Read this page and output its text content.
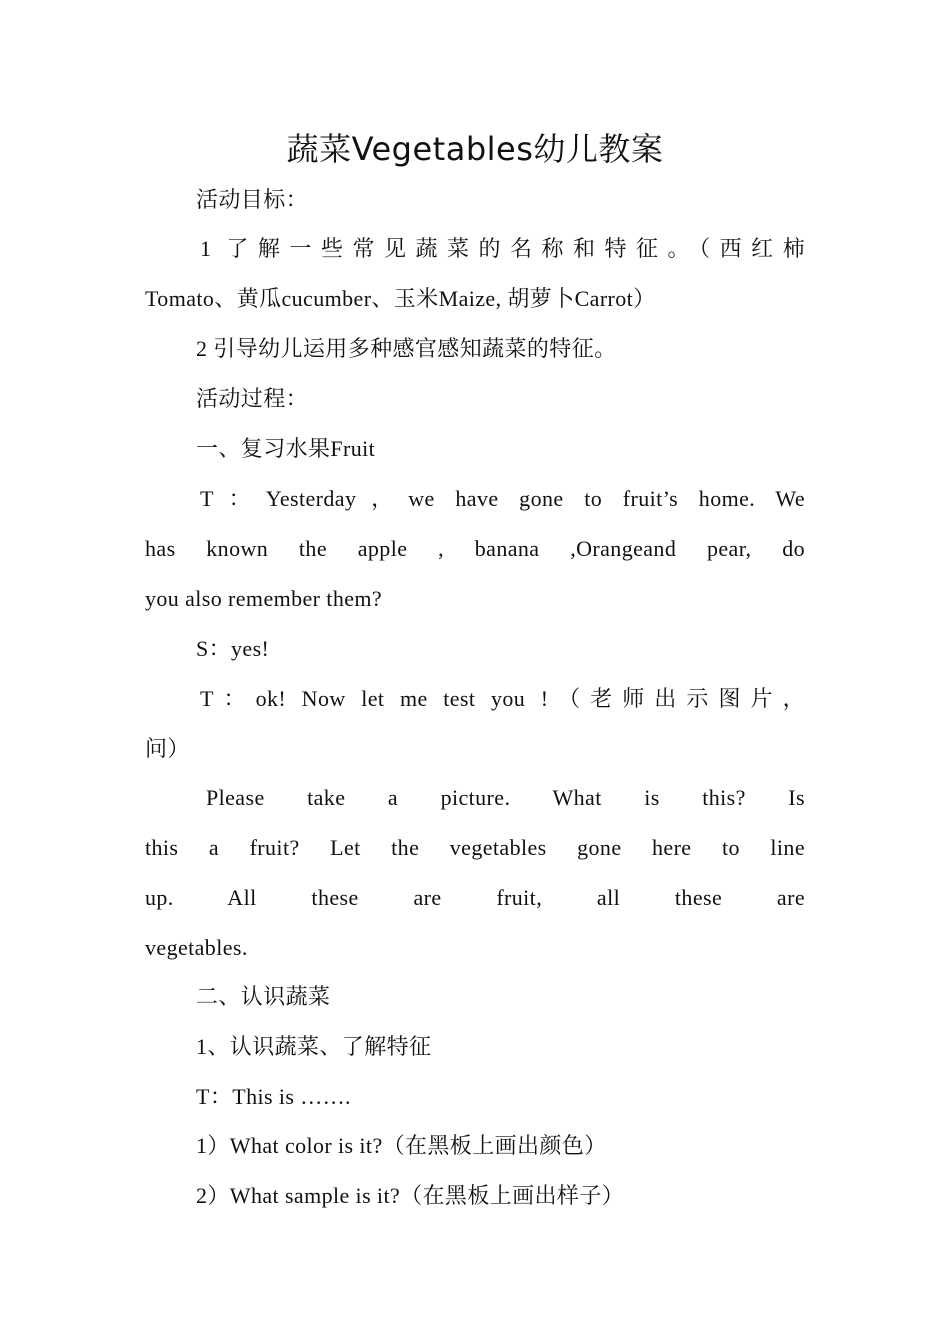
蔬菜Vegetables幼儿教案
活动目标：
1 了解一些常见蔬菜的名称和特征。（西红柿
Tomato、黄瓜cucumber、玉米Maize, 胡萝卜Carrot）
2 引导幼儿运用多种感官感知蔬菜的特征。
活动过程：
一、复习水果Fruit
T：Yesterday，we have gone to fruit’s home. We
has known the apple , banana ,Orangeand pear, do
you also remember them?
S：yes!
T：ok! Now let me test you !（老师出示图片，
问）
Please take a picture. What is this? Is
this a fruit? Let the vegetables gone here to line
up. All these are fruit, all these are
vegetables.
二、认识蔬菜
1、认识蔬菜、了解特征
T：This is …….
1）What color is it?（在黑板上画出颜色）
2）What sample is it?（在黑板上画出样子）
